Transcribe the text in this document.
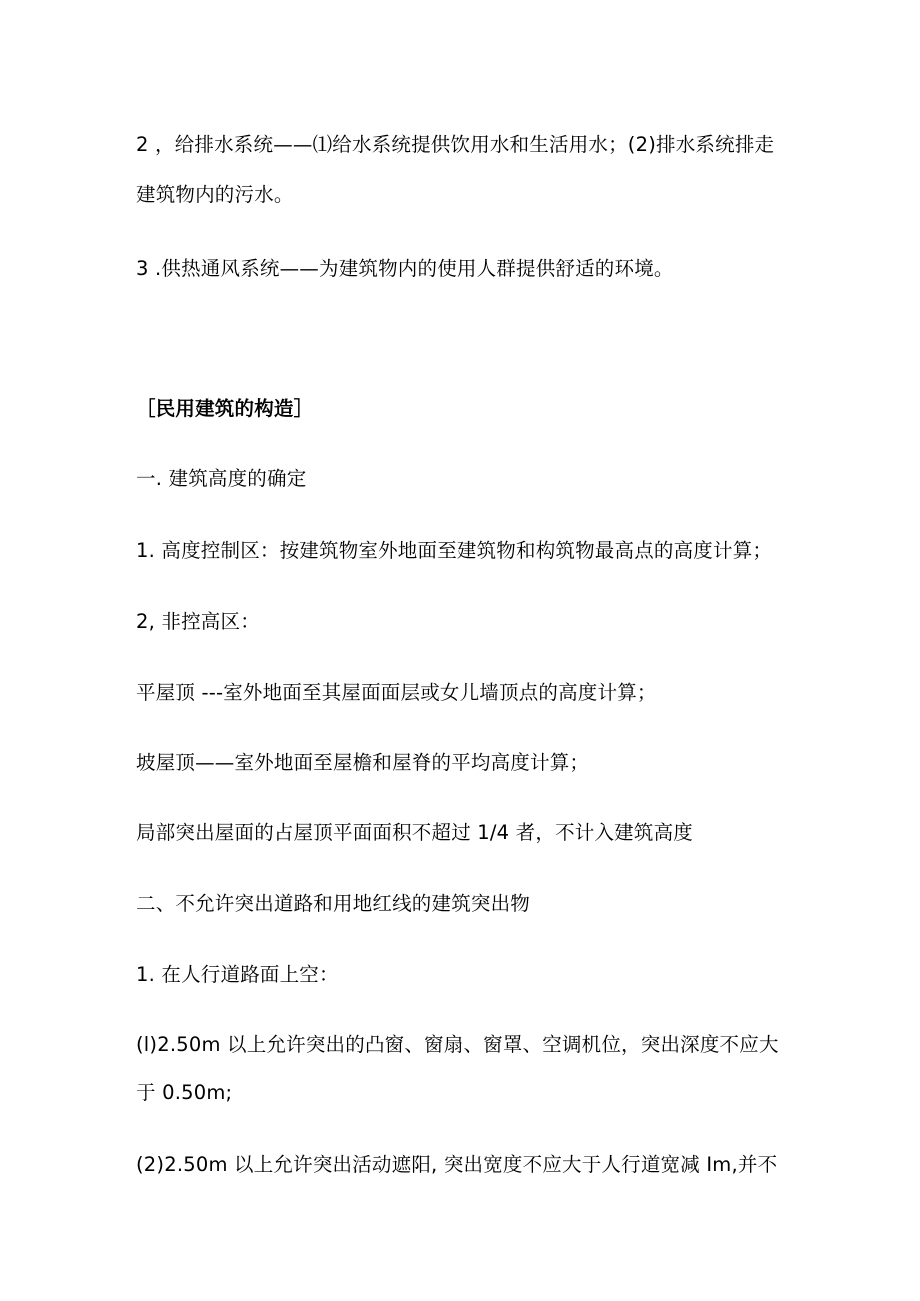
2 ，给排水系统——⑴给水系统提供饮用水和生活用水；(2)排水系统排走
建筑物内的污水。
3 .供热通风系统——为建筑物内的使用人群提供舒适的环境。
［民用建筑的构造］
一. 建筑高度的确定
1. 高度控制区：按建筑物室外地面至建筑物和构筑物最高点的高度计算；
2, 非控高区：
平屋顶 ---室外地面至其屋面面层或女儿墙顶点的高度计算；
坡屋顶——室外地面至屋檐和屋脊的平均高度计算；
局部突出屋面的占屋顶平面面积不超过 1/4 者，不计入建筑高度
二、不允许突出道路和用地红线的建筑突出物
1. 在人行道路面上空：
(l)2.50m 以上允许突出的凸窗、窗扇、窗罩、空调机位，突出深度不应大
于 0.50m;
(2)2.50m 以上允许突出活动遮阳, 突出宽度不应大于人行道宽减 Im,并不
